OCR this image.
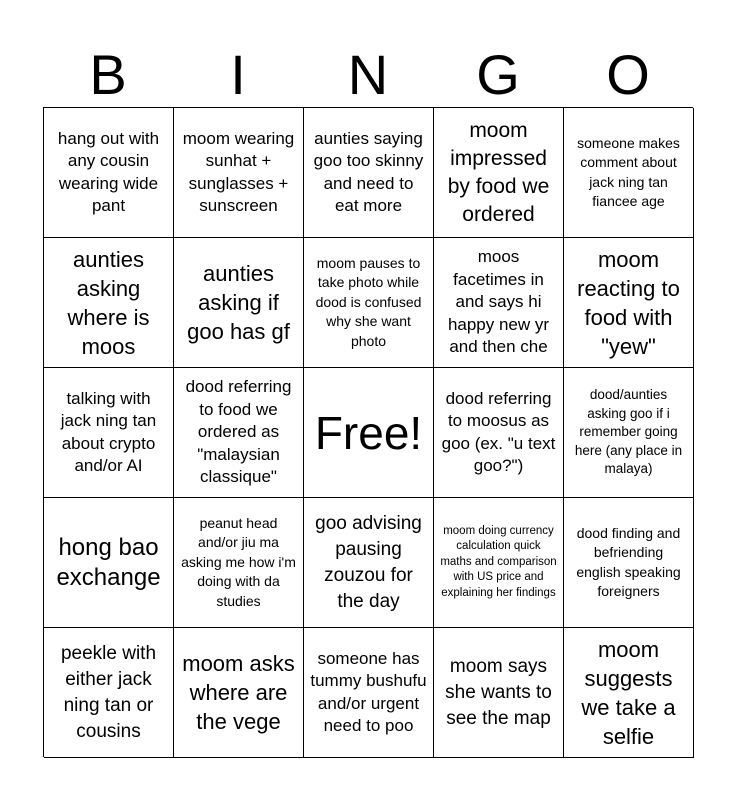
B	I	N	G	O
hang out with any cousin wearing wide pant
moom wearing sunhat + sunglasses + sunscreen
aunties saying goo too skinny and need to eat more
moom impressed by food we ordered
someone makes comment about jack ning tan fiancee age
aunties asking where is moos
aunties asking if goo has gf
moom pauses to take photo while dood is confused why she want photo
moos facetimes in and says hi happy new yr and then che
moom reacting to food with "yew"
talking with jack ning tan about crypto and/or AI
dood referring to food we ordered as "malaysian classique"
Free!
dood referring to moosus as goo (ex. "u text goo?")
dood/aunties asking goo if i remember going here (any place in malaya)
hong bao exchange
peanut head and/or jiu ma asking me how i'm doing with da studies
goo advising pausing zouzou for the day
moom doing currency calculation quick maths and comparison with US price and explaining her findings
dood finding and befriending english speaking foreigners
peekle with either jack ning tan or cousins
moom asks where are the vege
someone has tummy bushufu and/or urgent need to poo
moom says she wants to see the map
moom suggests we take a selfie
